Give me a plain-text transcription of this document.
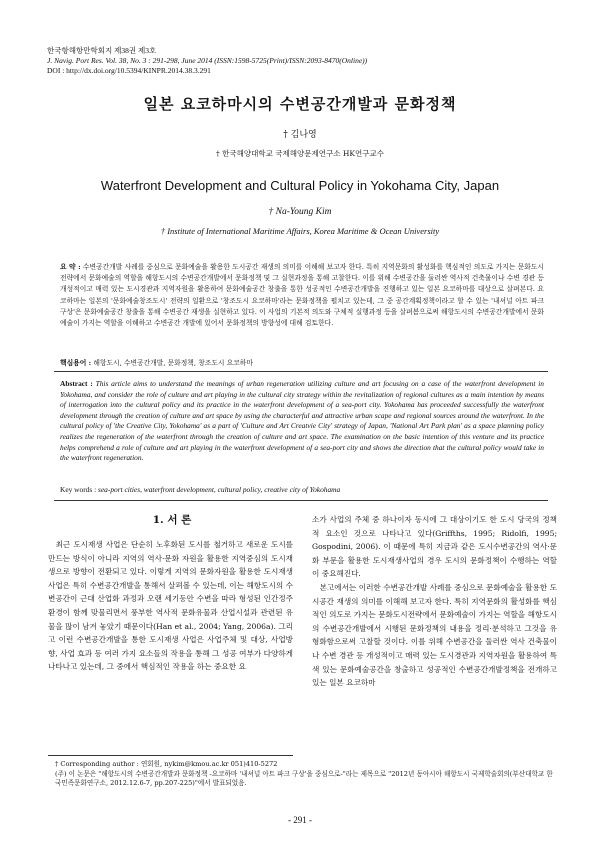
한국항해항만학회지 제38권 제3호
J. Navig. Port Res. Vol. 38, No. 3 : 291-298, June 2014 (ISSN:1598-5725(Print)/ISSN:2093-8470(Online))
DOI : http://dx.doi.org/10.5394/KINPR.2014.38.3.291
일본 요코하마시의 수변공간개발과 문화정책
† 김나영
† 한국해양대학교 국제해양문제연구소 HK연구교수
Waterfront Development and Cultural Policy in Yokohama City, Japan
† Na-Young Kim
† Institute of International Maritime Affairs, Korea Maritime & Ocean University
요 약 : 수변공간개발 사례를 중심으로 문화예술을 활용한 도시공간 재생의 의미를 이해해 보고자 한다. 특히 지역문화의 활성화를 핵심적인 의도로 가지는 문화도시전략에서 문화예술의 역할을 해항도시의 수변공간개발에서 문화정책 및 그 실현과정을 통해 고찰한다. 이를 위해 수변공간을 둘러싼 역사적 건축물이나 수변 경관 등 개성적이고 매력 있는 도시경관과 지역자원을 활용하여 문화예술공간 창출을 통한 성공적인 수변공간개발을 진행하고 있는 일본 요코하마를 대상으로 살펴본다. 요코하마는 일본의 '문화예술창조도시' 전략의 일환으로 '창조도시 요코하마'라는 문화정책을 펼치고 있는데, 그 중 공간계획정책이라고 할 수 있는 '내셔널 아트 파크 구상'은 문화예술공간 창출을 통해 수변공간 재생을 실현하고 있다. 이 사업의 기본적 의도와 구체적 실행과정 등을 살펴봄으로써 해항도시의 수변공간개발에서 문화예술이 가지는 역할을 이해하고 수변공간 개발에 있어서 문화정책의 방향성에 대해 검토한다.
핵심용어 : 해항도시, 수변공간개발, 문화정책, 창조도시 요코하마
Abstract : This article aims to understand the meanings of urban regeneration utilizing culture and art focusing on a case of the waterfront development in Yokohama, and consider the role of culture and art playing in the cultural city strategy within the revitalization of regional cultures as a main intention by means of interrogation into the cultural policy and its practice in the waterfront development of a sea-port city. Yokohama has proceeded successfully the waterfront development through the creation of culture and art space by using the characterful and attractive urban scape and regional sources around the waterfront. In the cultural policy of 'the Creative City, Yokohama' as a part of 'Culture and Art Creatvie City' strategy of Japan, 'National Art Park plan' as a space planning policy realizes the regeneration of the waterfront through the creation of culture and art space. The examination on the basic intention of this venture and its practice helps comprehend a role of culture and art playing in the waterfront development of a sea-port city and shows the direction that the cultural policy would take in the waterfront regeneration.
Key words : sea-port cities, waterfront development, cultural policy, creative city of Yokohama
1. 서 론

최근 도시재생 사업은 단순히 노후화된 도시를 철거하고 새로운 도시를 만드는 방식이 아니라 지역의 역사·문화 자원을 활용한 지역중심의 도시재생으로 방향이 전환되고 있다. 이렇게 지역의 문화자원을 활용한 도시재생 사업은 특히 수변공간개발을 통해서 살펴볼 수 있는데, 이는 해항도시의 수변공간이 근대 산업화 과정과 오랜 세기동안 수변을 따라 형성된 인간정주환경이 함께 맞물리면서 풍부한 역사적 문화유물과 산업시설과 관련된 유물을 많이 남겨 놓았기 때문이다(Han et al., 2004; Yang, 2006a). 그리고 이런 수변공간개발을 통한 도시재생 사업은 사업주체 및 대상, 사업방향, 사업 효과 등 여러 가지 요소들의 작용을 통해 그 성공 여부가 다양하게 나타나고 있는데, 그 중에서 핵심적인 작용을 하는 중요한 요

소가 사업의 주체 중 하나이자 동시에 그 대상이기도 한 도시 당국의 정책적 요소인 것으로 나타나고 있다(Griffths, 1995; Ridolfi, 1995; Gospodini, 2006). 이 때문에 특히 지금과 같은 도시수변공간의 역사·문화 부문을 활용한 도시재생사업의 경우 도시의 문화정책이 수행하는 역할이 중요해진다.

본고에서는 이러한 수변공간개발 사례를 중심으로 문화예술을 활용한 도시공간 재생의 의미를 이해해 보고자 한다. 특히 지역문화의 활성화를 핵심적인 의도로 가지는 문화도시전략에서 문화예술이 가지는 역할을 해항도시의 수변공간개발에서 시행된 문화정책의 내용을 정리·분석하고 그것을 유형화함으로써 고찰할 것이다. 이를 위해 수변공간을 둘러싼 역사 건축물이나 수변 경관 등 개성적이고 매력 있는 도시경관과 지역자원을 활용하여 특색 있는 문화예술공간을 창출하고 성공적인 수변공간개발정책을 전개하고 있는 일본 요코하마

† Corresponding author : 연회원, nykim@kmou.ac.kr 051)410-5272
(주) 이 논문은 "해항도시의 수변공간개발과 문화정책 -요코하마 '내셔널 아트 파크 구상'을 중심으로-"라는 제목으로 "2012년 동아시아 해항도시 국제학술회의(부산대학교 한국민족문화연구소, 2012.12.6-7, pp.207-225)"에서 발표되었음.
- 291 -
